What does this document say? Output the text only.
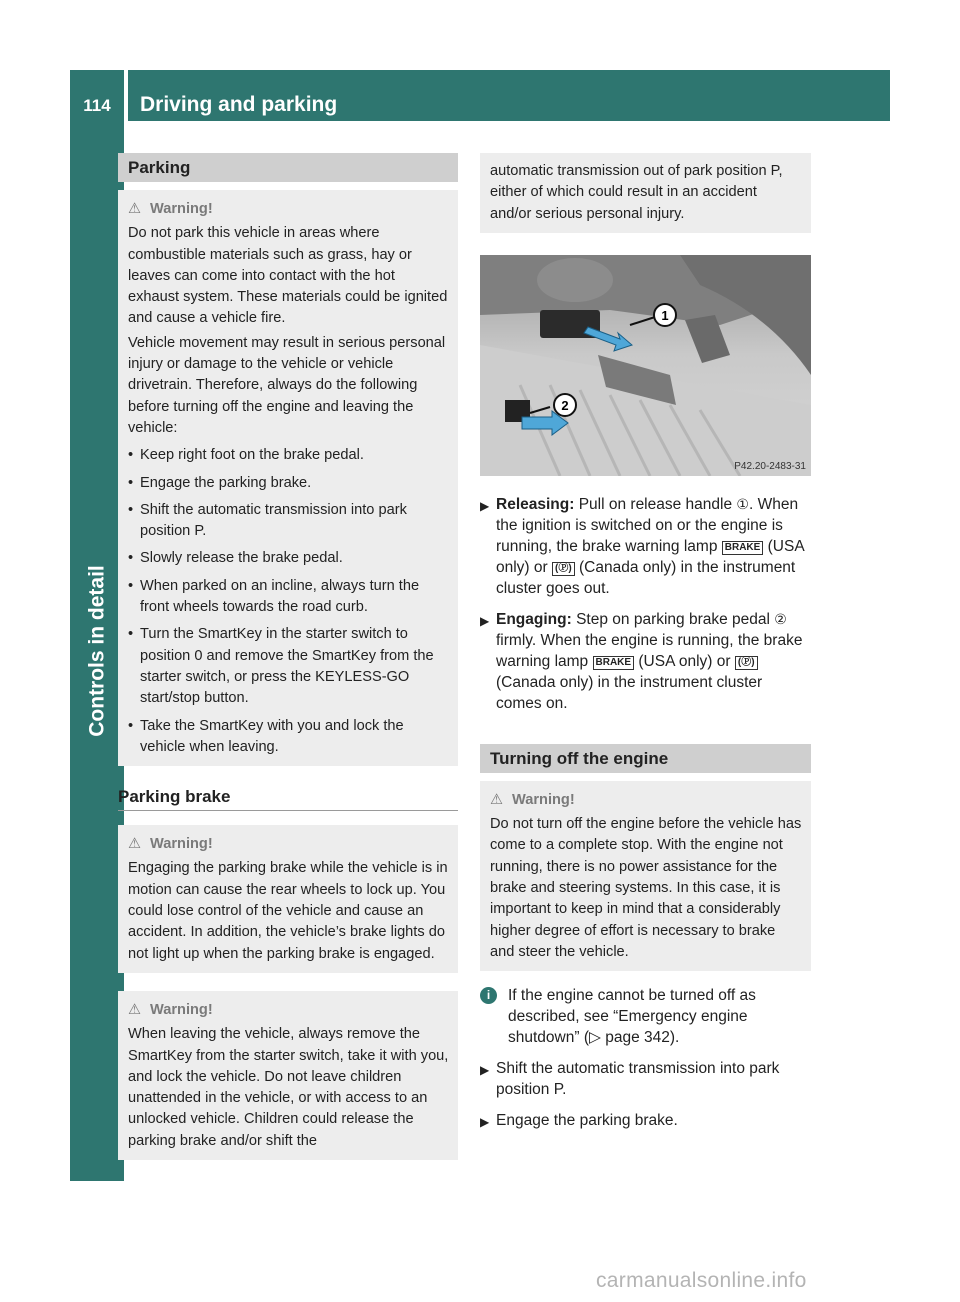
114	Driving and parking
Controls in detail
Parking
⚠ Warning!
Do not park this vehicle in areas where combustible materials such as grass, hay or leaves can come into contact with the hot exhaust system. These materials could be ignited and cause a vehicle fire.
Vehicle movement may result in serious personal injury or damage to the vehicle or vehicle drivetrain. Therefore, always do the following before turning off the engine and leaving the vehicle:
• Keep right foot on the brake pedal.
• Engage the parking brake.
• Shift the automatic transmission into park position P.
• Slowly release the brake pedal.
• When parked on an incline, always turn the front wheels towards the road curb.
• Turn the SmartKey in the starter switch to position 0 and remove the SmartKey from the starter switch, or press the KEYLESS-GO start/stop button.
• Take the SmartKey with you and lock the vehicle when leaving.
Parking brake
⚠ Warning!
Engaging the parking brake while the vehicle is in motion can cause the rear wheels to lock up. You could lose control of the vehicle and cause an accident. In addition, the vehicle’s brake lights do not light up when the parking brake is engaged.
⚠ Warning!
When leaving the vehicle, always remove the SmartKey from the starter switch, take it with you, and lock the vehicle. Do not leave children unattended in the vehicle, or with access to an unlocked vehicle. Children could release the parking brake and/or shift the
automatic transmission out of park position P, either of which could result in an accident and/or serious personal injury.
1
2
P42.20-2483-31
▶ Releasing: Pull on release handle ①. When the ignition is switched on or the engine is running, the brake warning lamp BRAKE (USA only) or (Ⓟ) (Canada only) in the instrument cluster goes out.
▶ Engaging: Step on parking brake pedal ② firmly. When the engine is running, the brake warning lamp BRAKE (USA only) or (Ⓟ) (Canada only) in the instrument cluster comes on.
Turning off the engine
⚠ Warning!
Do not turn off the engine before the vehicle has come to a complete stop. With the engine not running, there is no power assistance for the brake and steering systems. In this case, it is important to keep in mind that a considerably higher degree of effort is necessary to brake and steer the vehicle.
i	If the engine cannot be turned off as described, see “Emergency engine shutdown” (▷ page 342).
▶ Shift the automatic transmission into park position P.
▶ Engage the parking brake.
carmanualsonline.info
